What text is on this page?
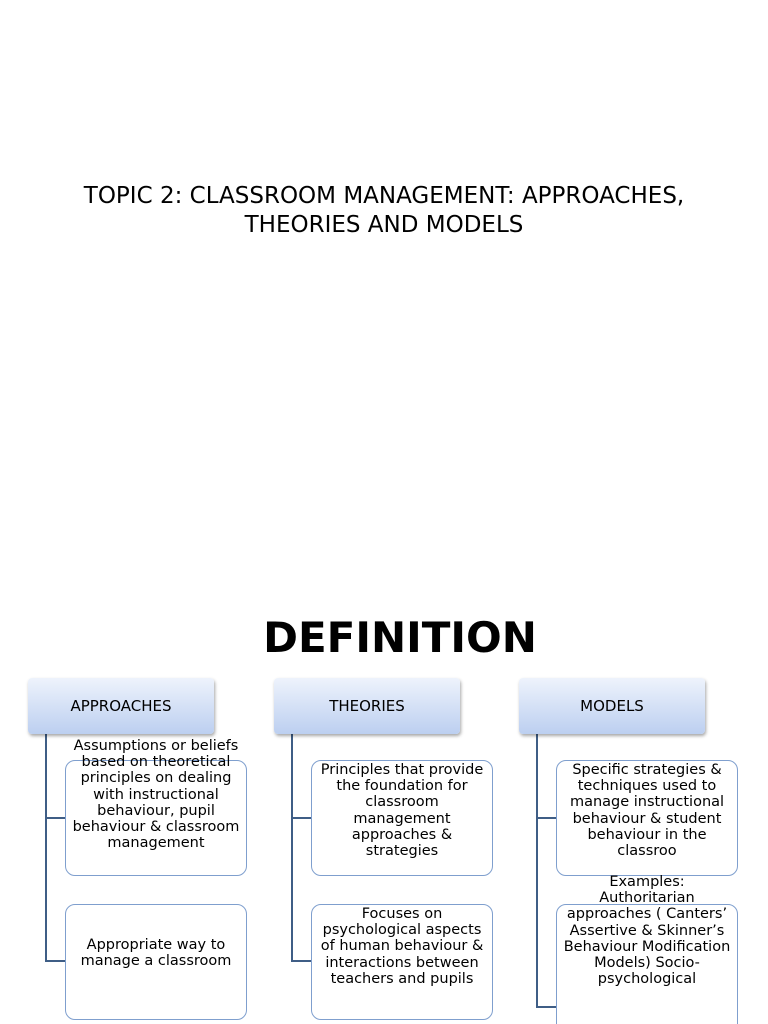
TOPIC 2: CLASSROOM MANAGEMENT: APPROACHES,
THEORIES AND MODELS
DEFINITION
APPROACHES
Assumptions or beliefs based on theoretical principles on dealing with instructional behaviour, pupil behaviour & classroom management
Appropriate way to manage a classroom
THEORIES
Principles that provide the foundation for classroom management approaches & strategies
Focuses on psychological aspects of human behaviour & interactions between teachers and pupils
MODELS
Specific strategies & techniques used to manage instructional behaviour & student behaviour in the classroo
Examples: Authoritarian approaches ( Canters’ Assertive & Skinner’s Behaviour Modification Models) Socio-psychological
